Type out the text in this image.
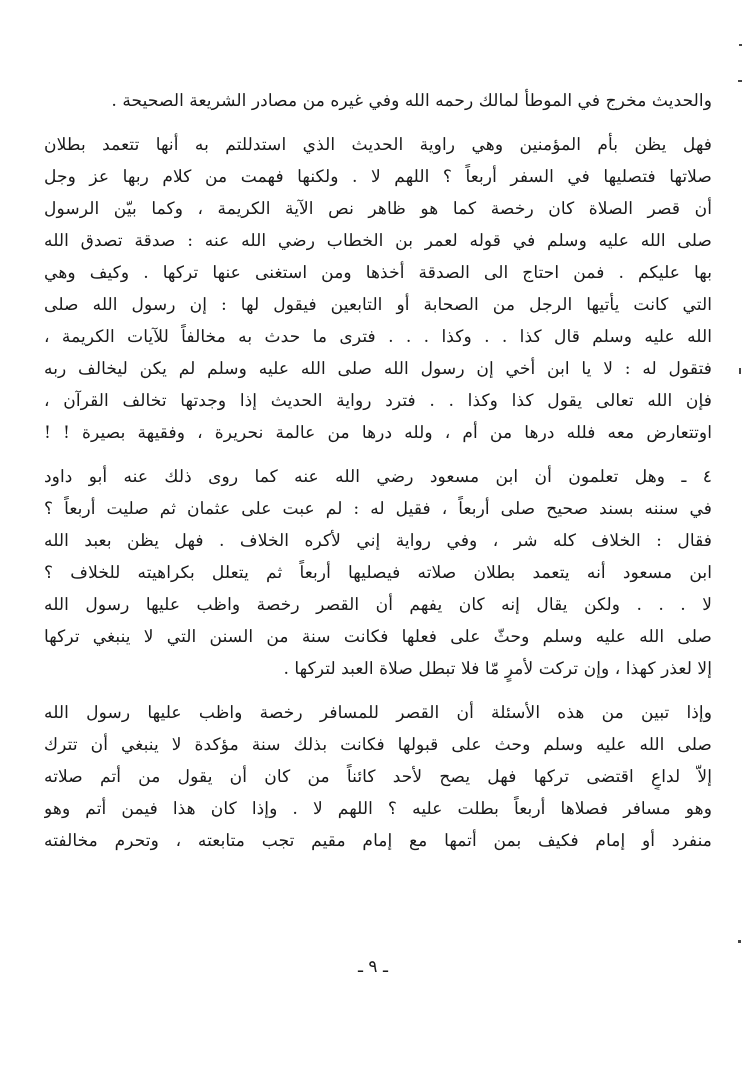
والحديث مخرج في الموطأ لمالك رحمه الله وفي غيره من مصادر الشريعة الصحيحة .
فهل يظن بأم المؤمنين وهي راوية الحديث الذي استدللتم به أنها تتعمد بطلان
صلاتها فتصليها في السفر أربعاً ؟ اللهم لا . ولكنها فهمت من كلام ربها عز وجل
أن قصر الصلاة كان رخصة كما هو ظاهر نص الآية الكريمة ، وكما بيّن الرسول
صلى الله عليه وسلم في قوله لعمر بن الخطاب رضي الله عنه : صدقة تصدق الله
بها عليكم . فمن احتاج الى الصدقة أخذها ومن استغنى عنها تركها . وكيف وهي
التي كانت يأتيها الرجل من الصحابة أو التابعين فيقول لها : إن رسول الله صلى
الله عليه وسلم قال كذا . . وكذا . . . فترى ما حدث به مخالفاً للآيات الكريمة ،
فتقول له : لا يا ابن أخي إن رسول الله صلى الله عليه وسلم لم يكن ليخالف ربه
فإن الله تعالى يقول كذا وكذا . . فترد رواية الحديث إذا وجدتها تخالف القرآن ،
اوتتعارض معه فلله درها من أم ، ولله درها من عالمة نحريرة ، وفقيهة بصيرة ! !
٤ ـ وهل تعلمون أن ابن مسعود رضي الله عنه كما روى ذلك عنه أبو داود
في سننه بسند صحيح صلى أربعاً ، فقيل له : لم عبت على عثمان ثم صليت أربعاً ؟
فقال : الخلاف كله شر ، وفي رواية إني لأكره الخلاف . فهل يظن بعبد الله
ابن مسعود أنه يتعمد بطلان صلاته فيصليها أربعاً ثم يتعلل بكراهيته للخلاف ؟
لا . . . ولكن يقال إنه كان يفهم أن القصر رخصة واظب عليها رسول الله
صلى الله عليه وسلم وحثّ على فعلها فكانت سنة من السنن التي لا ينبغي تركها
إلا لعذر كهذا ، وإن تركت لأمرٍ مّا فلا تبطل صلاة العبد لتركها .
وإذا تبين من هذه الأسئلة أن القصر للمسافر رخصة واظب عليها رسول الله
صلى الله عليه وسلم وحث على قبولها فكانت بذلك سنة مؤكدة لا ينبغي أن تترك
إلاّ لداعٍ اقتضى تركها فهل يصح لأحد كائناً من كان أن يقول من أتم صلاته
وهو مسافر فصلاها أربعاً بطلت عليه ؟ اللهم لا . وإذا كان هذا فيمن أتم وهو
منفرد أو إمام فكيف بمن أتمها مع إمام مقيم تجب متابعته ، وتحرم مخالفته
ـ ٩ ـ
